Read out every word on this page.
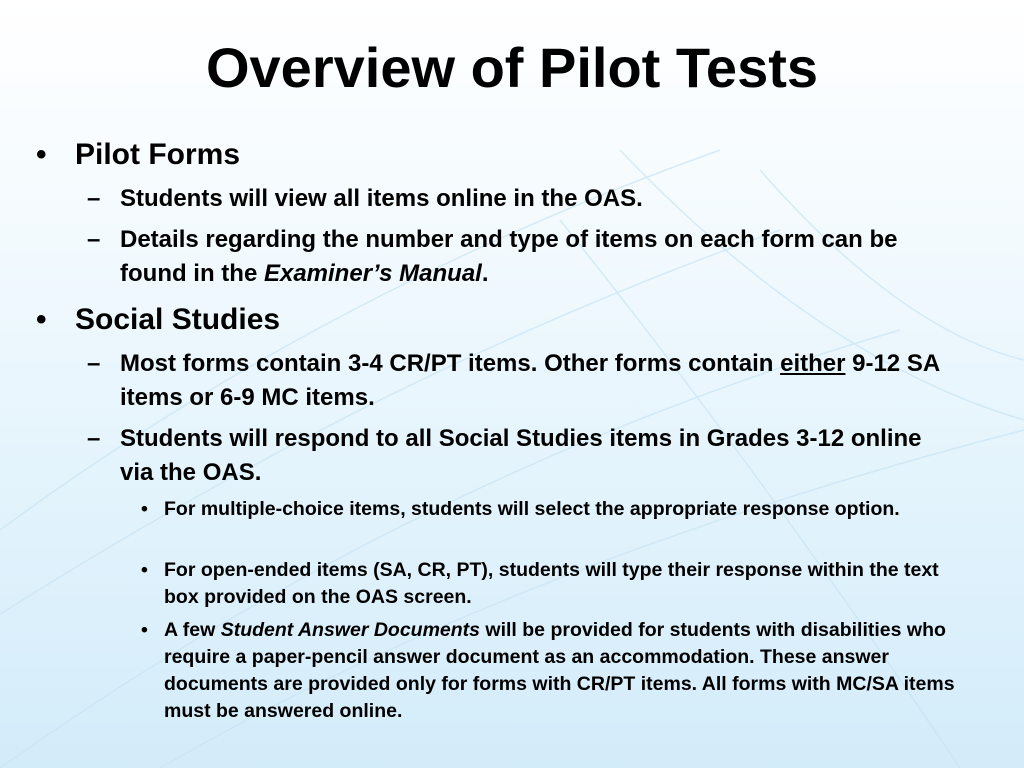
Overview of Pilot Tests
• Pilot Forms

– Students will view all items online in the OAS.

– Details regarding the number and type of items on each form can be found in the Examiner’s Manual.

• Social Studies

– Most forms contain 3-4 CR/PT items. Other forms contain either 9-12 SA items or 6-9 MC items.

– Students will respond to all Social Studies items in Grades 3-12 online via the OAS.

• For multiple-choice items, students will select the appropriate response option.

• For open-ended items (SA, CR, PT), students will type their response within the text box provided on the OAS screen.

• A few Student Answer Documents will be provided for students with disabilities who require a paper-pencil answer document as an accommodation. These answer documents are provided only for forms with CR/PT items. All forms with MC/SA items must be answered online.
